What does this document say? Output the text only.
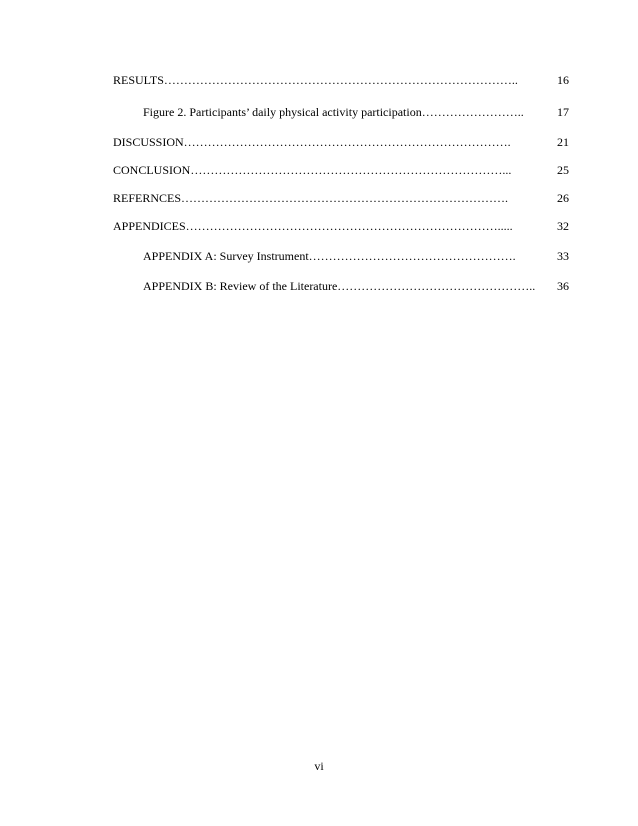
RESULTS……………………………………………………………………………..	16
Figure 2. Participants’ daily physical activity participation……………………..	17
DISCUSSION……………………………………………………………………….	21
CONCLUSION……………………………………………………………………...	25
REFERNCES……………………………………………………………………….	26
APPENDICES…………………………………………………………………….....	32
APPENDIX A: Survey Instrument…………………………………………….	33
APPENDIX B: Review of the Literature…………………………………………..	36
vi
